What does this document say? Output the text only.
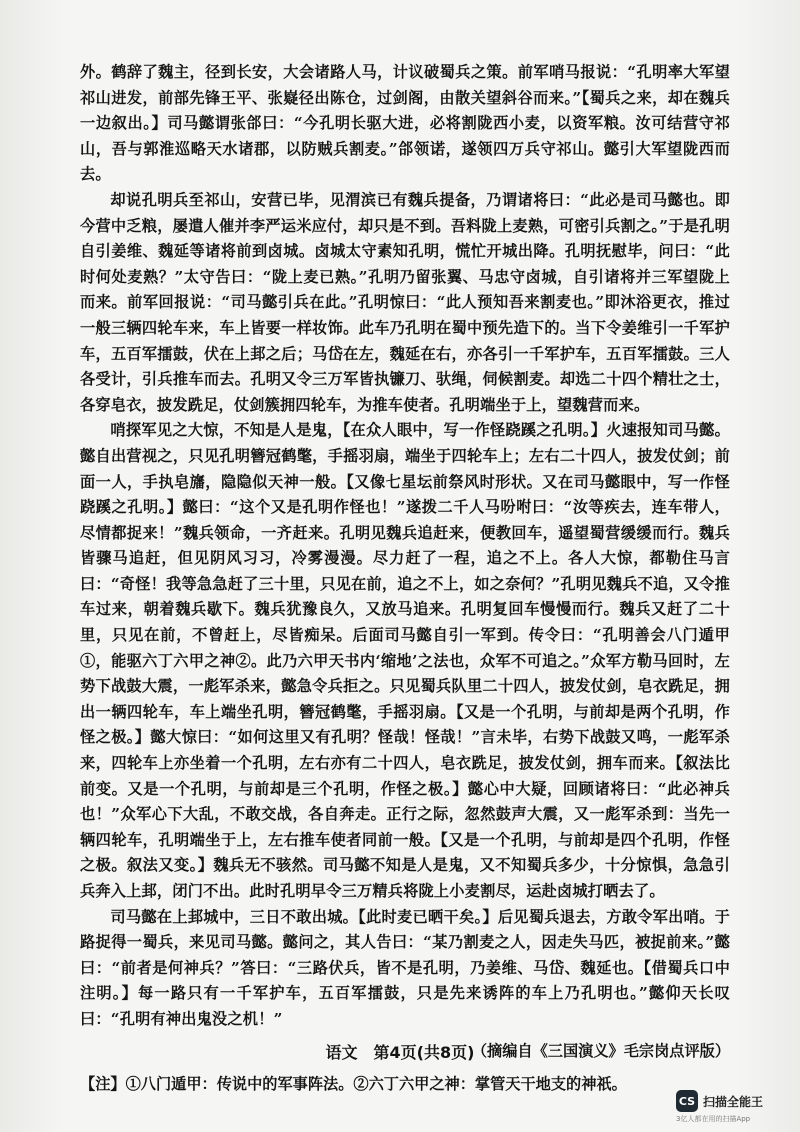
外。鹤辞了魏主，径到长安，大会诸路人马，计议破蜀兵之策。前军哨马报说：“孔明率大军望祁山进发，前部先锋王平、张嶷径出陈仓，过剑阁，由散关望斜谷而来。”【蜀兵之来，却在魏兵一边叙出。】司马懿谓张郃曰：“今孔明长驱大进，必将割陇西小麦，以资军粮。汝可结营守祁山，吾与郭淮巡略天水诸郡，以防贼兵割麦。”郃领诺，遂领四万兵守祁山。懿引大军望陇西而去。

却说孔明兵至祁山，安营已毕，见渭滨已有魏兵提备，乃谓诸将曰：“此必是司马懿也。即今营中乏粮，屡遣人催并李严运米应付，却只是不到。吾料陇上麦熟，可密引兵割之。”于是孔明自引姜维、魏延等诸将前到卤城。卤城太守素知孔明，慌忙开城出降。孔明抚慰毕，问曰：“此时何处麦熟？”太守告曰：“陇上麦已熟。”孔明乃留张翼、马忠守卤城，自引诸将并三军望陇上而来。前军回报说：“司马懿引兵在此。”孔明惊曰：“此人预知吾来割麦也。”即沐浴更衣，推过一般三辆四轮车来，车上皆要一样妆饰。此车乃孔明在蜀中预先造下的。当下令姜维引一千军护车，五百军擂鼓，伏在上邽之后；马岱在左，魏延在右，亦各引一千军护车，五百军擂鼓。三人各受计，引兵推车而去。孔明又令三万军皆执镰刀、驮绳，伺候割麦。却选二十四个精壮之士，各穿皂衣，披发跣足，仗剑簇拥四轮车，为推车使者。孔明端坐于上，望魏营而来。

哨探军见之大惊，不知是人是鬼，【在众人眼中，写一作怪跷蹊之孔明。】火速报知司马懿。懿自出营视之，只见孔明簪冠鹤氅，手摇羽扇，端坐于四轮车上；左右二十四人，披发仗剑；前面一人，手执皂旛，隐隐似天神一般。【又像七星坛前祭风时形状。又在司马懿眼中，写一作怪跷蹊之孔明。】懿曰：“这个又是孔明作怪也！”遂拨二千人马吩咐曰：“汝等疾去，连车带人，尽情都捉来！”魏兵领命，一齐赶来。孔明见魏兵追赶来，便教回车，遥望蜀营缓缓而行。魏兵皆骤马追赶，但见阴风习习，冷雾漫漫。尽力赶了一程，追之不上。各人大惊，都勒住马言曰：“奇怪！我等急急赶了三十里，只见在前，追之不上，如之奈何？”孔明见魏兵不追，又令推车过来，朝着魏兵歇下。魏兵犹豫良久，又放马追来。孔明复回车慢慢而行。魏兵又赶了二十里，只见在前，不曾赶上，尽皆痴呆。后面司马懿自引一军到。传令曰：“孔明善会八门遁甲①，能驱六丁六甲之神②。此乃六甲天书内‘缩地’之法也，众军不可追之。”众军方勒马回时，左势下战鼓大震，一彪军杀来，懿急令兵拒之。只见蜀兵队里二十四人，披发仗剑，皂衣跣足，拥出一辆四轮车，车上端坐孔明，簪冠鹤氅，手摇羽扇。【又是一个孔明，与前却是两个孔明，作怪之极。】懿大惊曰：“如何这里又有孔明？怪哉！怪哉！”言未毕，右势下战鼓又鸣，一彪军杀来，四轮车上亦坐着一个孔明，左右亦有二十四人，皂衣跣足，披发仗剑，拥车而来。【叙法比前变。又是一个孔明，与前却是三个孔明，作怪之极。】懿心中大疑，回顾诸将曰：“此必神兵也！”众军心下大乱，不敢交战，各自奔走。正行之际，忽然鼓声大震，又一彪军杀到：当先一辆四轮车，孔明端坐于上，左右推车使者同前一般。【又是一个孔明，与前却是四个孔明，作怪之极。叙法又变。】魏兵无不骇然。司马懿不知是人是鬼，又不知蜀兵多少，十分惊惧，急急引兵奔入上邽，闭门不出。此时孔明早令三万精兵将陇上小麦割尽，运赴卤城打晒去了。

司马懿在上邽城中，三日不敢出城。【此时麦已晒干矣。】后见蜀兵退去，方敢令军出哨。于路捉得一蜀兵，来见司马懿。懿问之，其人告曰：“某乃割麦之人，因走失马匹，被捉前来。”懿曰：“前者是何神兵？”答曰：“三路伏兵，皆不是孔明，乃姜维、马岱、魏延也。【借蜀兵口中注明。】每一路只有一千军护车，五百军擂鼓，只是先来诱阵的车上乃孔明也。”懿仰天长叹曰：“孔明有神出鬼没之机！”

（摘编自《三国演义》毛宗岗点评版）

【注】①八门遁甲：传说中的军事阵法。②六丁六甲之神：掌管天干地支的神祇。

语文　第4页(共8页)
CS 扫描全能王
3亿人都在用的扫描App
